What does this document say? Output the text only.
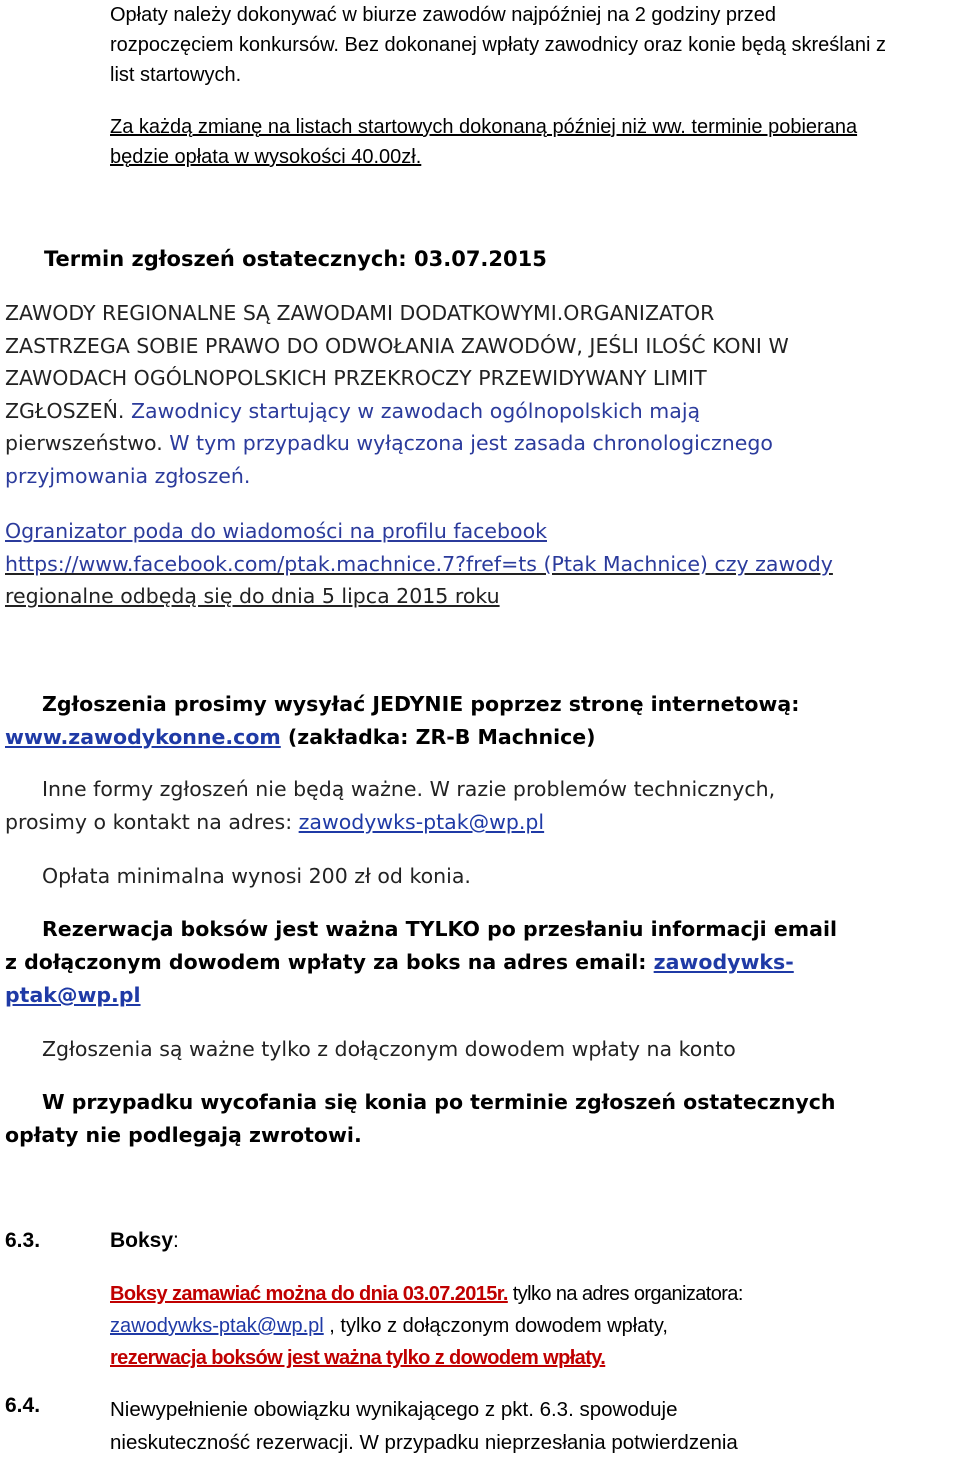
Opłaty należy dokonywać w biurze zawodów najpóźniej na 2 godziny przed
rozpoczęciem konkursów. Bez dokonanej wpłaty zawodnicy oraz konie będą skreślani z
list startowych.
Za każdą zmianę na listach startowych dokonaną później niż ww. terminie pobierana
będzie opłata w wysokości 40.00zł.
Termin zgłoszeń ostatecznych: 03.07.2015
ZAWODY REGIONALNE SĄ ZAWODAMI DODATKOWYMI.ORGANIZATOR
ZASTRZEGA SOBIE PRAWO DO ODWOŁANIA ZAWODÓW, JEŚLI ILOŚĆ KONI W
ZAWODACH OGÓLNOPOLSKICH PRZEKROCZY PRZEWIDYWANY LIMIT
ZGŁOSZEŃ. Zawodnicy startujący w zawodach ogólnopolskich mają
pierwszeństwo. W tym przypadku wyłączona jest zasada chronologicznego
przyjmowania zgłoszeń.
Ogranizator poda do wiadomości na profilu facebook
https://www.facebook.com/ptak.machnice.7?fref=ts (Ptak Machnice) czy zawody
regionalne odbędą się do dnia 5 lipca 2015 roku
Zgłoszenia prosimy wysyłać JEDYNIE poprzez stronę internetową:
www.zawodykonne.com (zakładka: ZR-B Machnice)
Inne formy zgłoszeń nie będą ważne. W razie problemów technicznych,
prosimy o kontakt na adres: zawodywks-ptak@wp.pl
Opłata minimalna wynosi 200 zł od konia.
Rezerwacja boksów jest ważna TYLKO po przesłaniu informacji email
z dołączonym dowodem wpłaty za boks na adres email: zawodywks-
ptak@wp.pl
Zgłoszenia są ważne tylko z dołączonym dowodem wpłaty na konto
W przypadku wycofania się konia po terminie zgłoszeń ostatecznych
opłaty nie podlegają zwrotowi.
6.3.	Boksy:
Boksy zamawiać można do dnia 03.07.2015r. tylko na adres organizatora:
zawodywks-ptak@wp.pl , tylko z dołączonym dowodem wpłaty,
rezerwacja boksów jest ważna tylko z dowodem wpłaty.
6.4.	Niewypełnienie obowiązku wynikającego z pkt. 6.3. spowoduje
nieskuteczność rezerwacji. W przypadku nieprzesłania potwierdzenia
